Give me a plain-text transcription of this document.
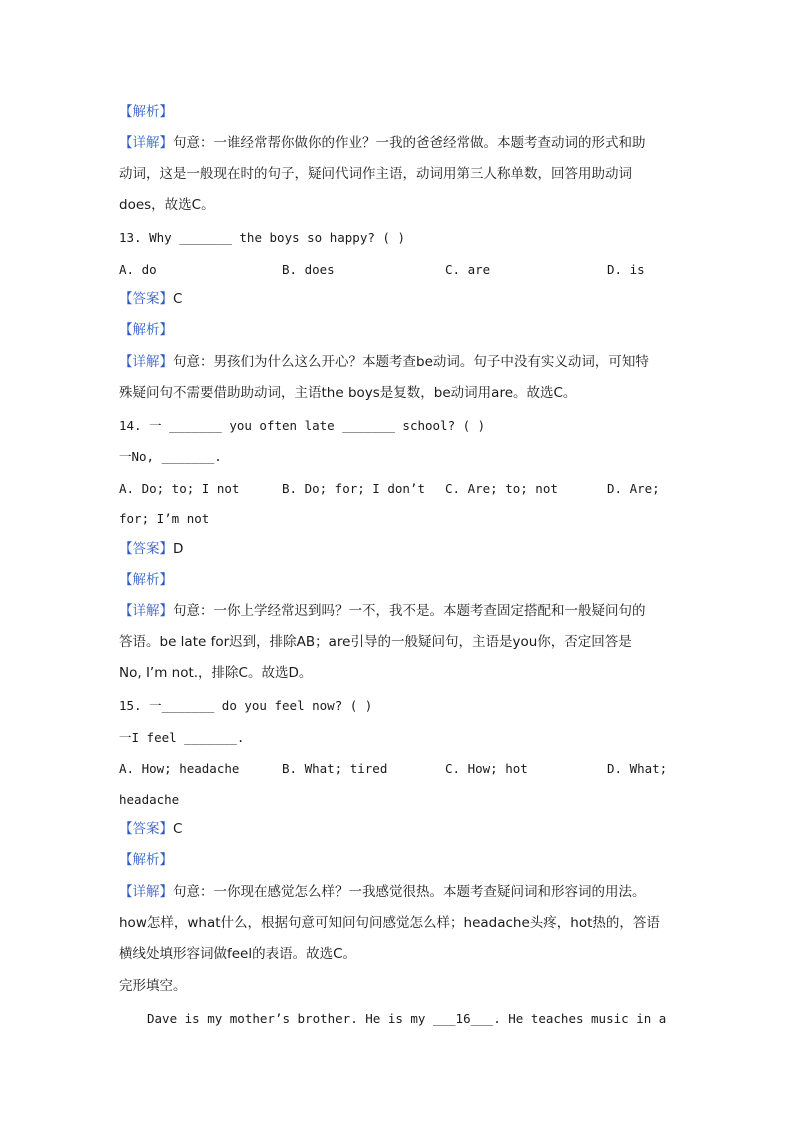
【解析】
【详解】句意：一谁经常帮你做你的作业？一我的爸爸经常做。本题考查动词的形式和助
动词，这是一般现在时的句子，疑问代词作主语，动词用第三人称单数，回答用助动词
does，故选C。
13. Why _______ the boys so happy? ( )
A. do	B. does	C. are	D. is
【答案】C
【解析】
【详解】句意：男孩们为什么这么开心？本题考查be动词。句子中没有实义动词，可知特
殊疑问句不需要借助助动词，主语the boys是复数，be动词用are。故选C。
14. 一 _______ you often late _______ school? ( )
一No, _______.
A. Do; to; I not	B. Do; for; I don’t C. Are; to; not	D. Are;
for; I’m not
【答案】D
【解析】
【详解】句意：一你上学经常迟到吗？一不，我不是。本题考查固定搭配和一般疑问句的
答语。be late for迟到，排除AB；are引导的一般疑问句，主语是you你，否定回答是
No, I’m not.，排除C。故选D。
15. 一_______ do you feel now? ( )
一I feel _______.
A. How; headache	B. What; tired	C. How; hot	D. What;
headache
【答案】C
【解析】
【详解】句意：一你现在感觉怎么样？一我感觉很热。本题考查疑问词和形容词的用法。
how怎样，what什么，根据句意可知问句问感觉怎么样；headache头疼，hot热的，答语
横线处填形容词做feel的表语。故选C。
完形填空。
Dave is my mother’s brother. He is my ___16___. He teaches music in a
